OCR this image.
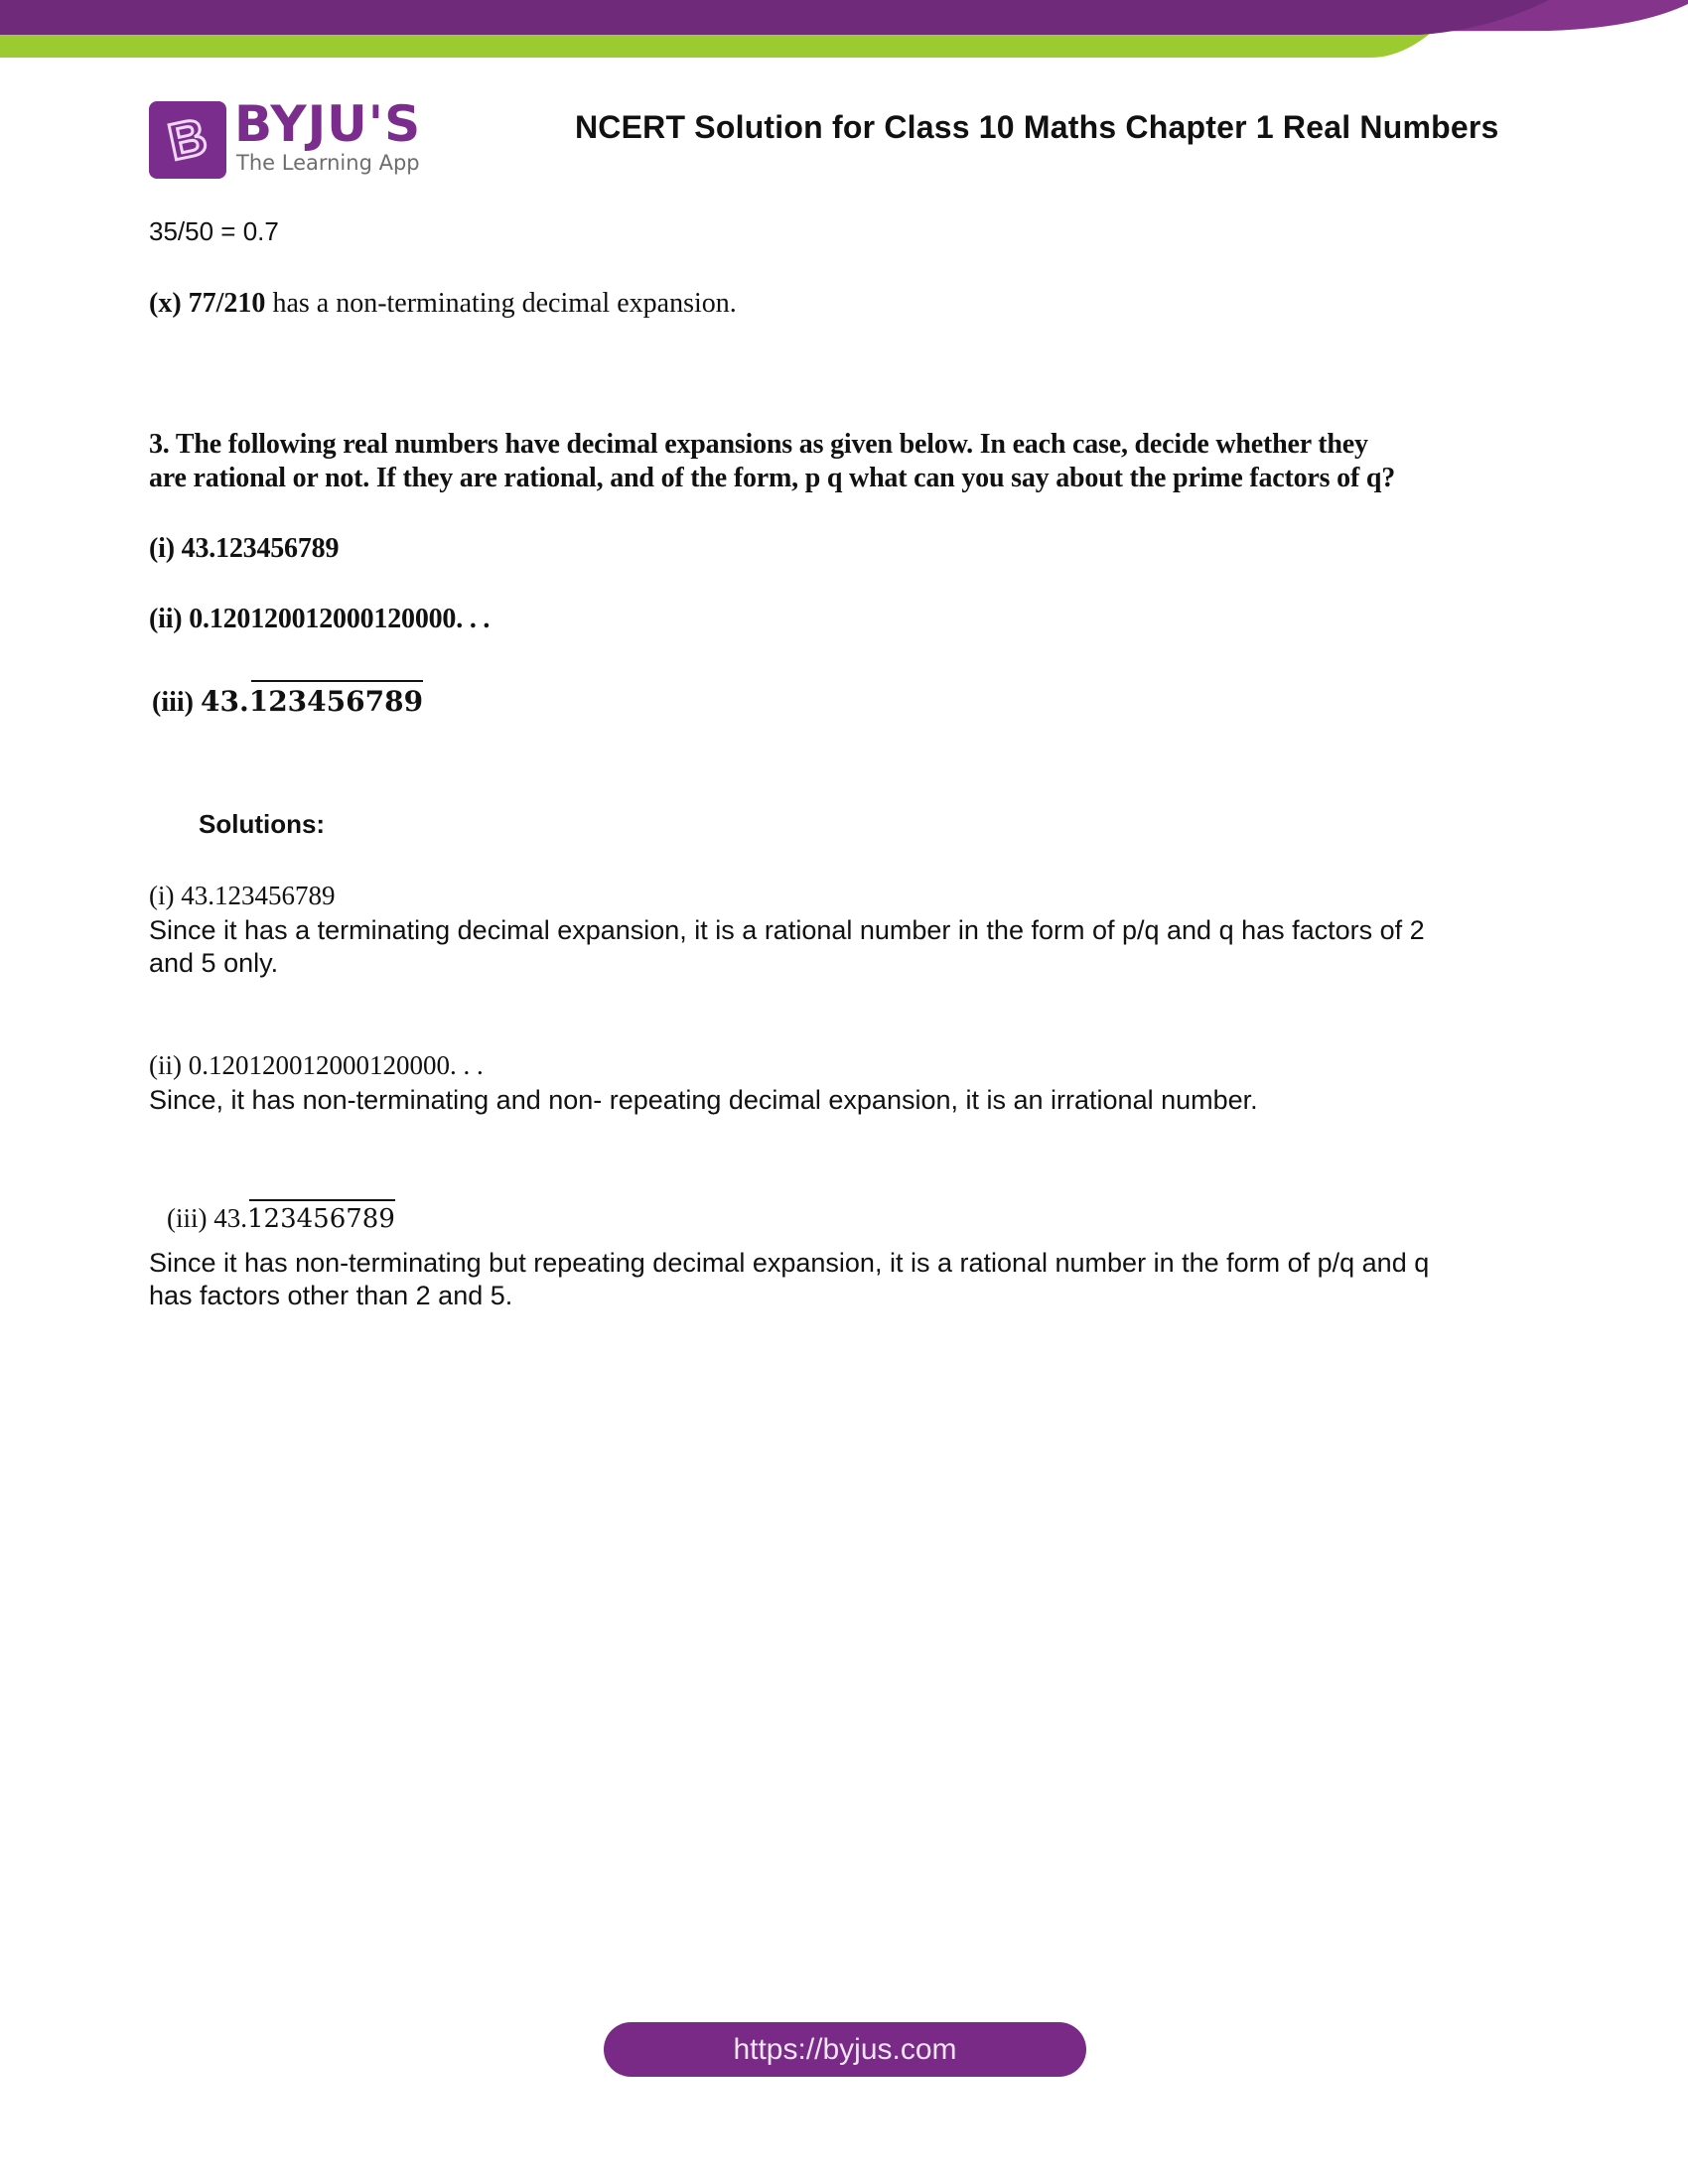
B BYJU'S
The Learning App
NCERT Solution for Class 10 Maths Chapter 1 Real Numbers
35/50 = 0.7
(x) 77/210 has a non-terminating decimal expansion.
3. The following real numbers have decimal expansions as given below. In each case, decide whether they
are rational or not. If they are rational, and of the form, p q what can you say about the prime factors of q?
(i) 43.123456789
(ii) 0.120120012000120000. . .
(iii) 43.123456789
Solutions:
(i) 43.123456789
Since it has a terminating decimal expansion, it is a rational number in the form of p/q and q has factors of 2
and 5 only.
(ii) 0.120120012000120000. . .
Since, it has non-terminating and non- repeating decimal expansion, it is an irrational number.
(iii) 43.123456789
Since it has non-terminating but repeating decimal expansion, it is a rational number in the form of p/q and q
has factors other than 2 and 5.
https://byjus.com
